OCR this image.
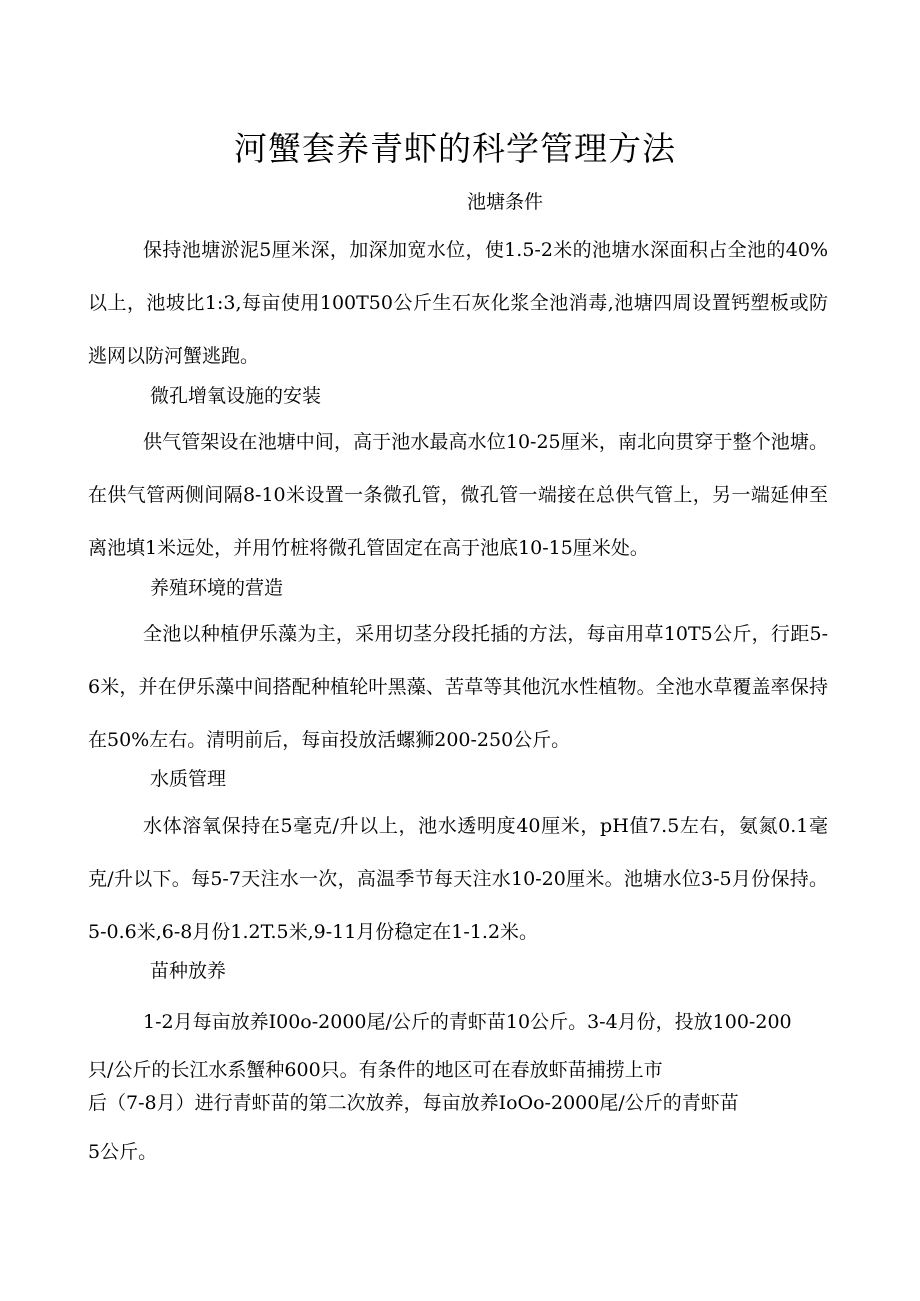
河蟹套养青虾的科学管理方法
池塘条件

保持池塘淤泥5厘米深，加深加宽水位，使1.5-2米的池塘水深面积占全池的40%以上，池坡比1:3,每亩使用100T50公斤生石灰化浆全池消毒,池塘四周设置钙塑板或防逃网以防河蟹逃跑。

微孔增氧设施的安装

供气管架设在池塘中间，高于池水最高水位10-25厘米，南北向贯穿于整个池塘。在供气管两侧间隔8-10米设置一条微孔管，微孔管一端接在总供气管上，另一端延伸至离池填1米远处，并用竹桩将微孔管固定在高于池底10-15厘米处。

养殖环境的营造

全池以种植伊乐藻为主，采用切茎分段托插的方法，每亩用草10T5公斤，行距5-6米，并在伊乐藻中间搭配种植轮叶黑藻、苦草等其他沉水性植物。全池水草覆盖率保持在50%左右。清明前后，每亩投放活螺狮200-250公斤。

水质管理

水体溶氧保持在5毫克/升以上，池水透明度40厘米，pH值7.5左右，氨氮0.1毫克/升以下。每5-7天注水一次，高温季节每天注水10-20厘米。池塘水位3-5月份保持。5-0.6米,6-8月份1.2T.5米,9-11月份稳定在1-1.2米。

苗种放养
1-2月每亩放养I00o-2000尾/公斤的青虾苗10公斤。3-4月份，投放100-200
只/公斤的长江水系蟹种600只。有条件的地区可在春放虾苗捕捞上市
后（7-8月）进行青虾苗的第二次放养，每亩放养IoOo-2000尾/公斤的青虾苗
5公斤。
